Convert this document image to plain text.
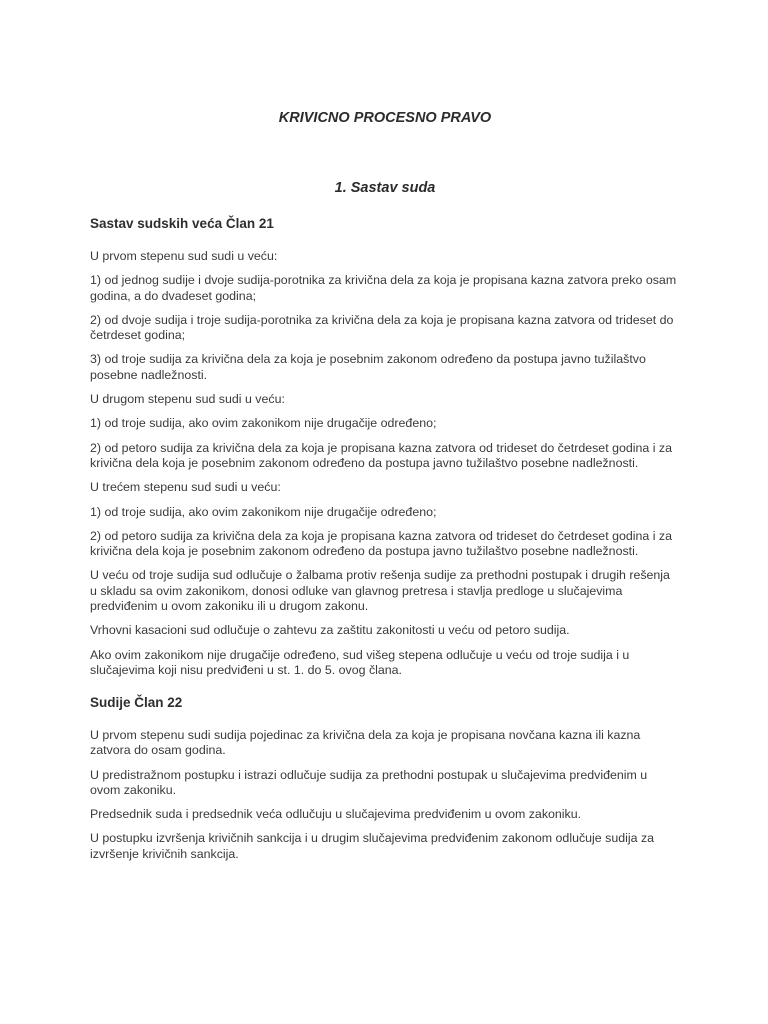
KRIVICNO PROCESNO PRAVO
1. Sastav suda
Sastav sudskih veća Član 21

U prvom stepenu sud sudi u veću:

1) od jednog sudije i dvoje sudija-porotnika za krivična dela za koja je propisana kazna zatvora preko osam godina, a do dvadeset godina;

2) od dvoje sudija i troje sudija-porotnika za krivična dela za koja je propisana kazna zatvora od trideset do četrdeset godina;

3) od troje sudija za krivična dela za koja je posebnim zakonom određeno da postupa javno tužilaštvo posebne nadležnosti.

U drugom stepenu sud sudi u veću:

1) od troje sudija, ako ovim zakonikom nije drugačije određeno;

2) od petoro sudija za krivična dela za koja je propisana kazna zatvora od trideset do četrdeset godina i za krivična dela koja je posebnim zakonom određeno da postupa javno tužilaštvo posebne nadležnosti.

U trećem stepenu sud sudi u veću:

1) od troje sudija, ako ovim zakonikom nije drugačije određeno;

2) od petoro sudija za krivična dela za koja je propisana kazna zatvora od trideset do četrdeset godina i za krivična dela koja je posebnim zakonom određeno da postupa javno tužilaštvo posebne nadležnosti.

U veću od troje sudija sud odlučuje o žalbama protiv rešenja sudije za prethodni postupak i drugih rešenja u skladu sa ovim zakonikom, donosi odluke van glavnog pretresa i stavlja predloge u slučajevima predviđenim u ovom zakoniku ili u drugom zakonu.

Vrhovni kasacioni sud odlučuje o zahtevu za zaštitu zakonitosti u veću od petoro sudija.

Ako ovim zakonikom nije drugačije određeno, sud višeg stepena odlučuje u veću od troje sudija i u slučajevima koji nisu predviđeni u st. 1. do 5. ovog člana.

Sudije Član 22

U prvom stepenu sudi sudija pojedinac za krivična dela za koja je propisana novčana kazna ili kazna zatvora do osam godina.

U predistražnom postupku i istrazi odlučuje sudija za prethodni postupak u slučajevima predviđenim u ovom zakoniku.

Predsednik suda i predsednik veća odlučuju u slučajevima predviđenim u ovom zakoniku.

U postupku izvršenja krivičnih sankcija i u drugim slučajevima predviđenim zakonom odlučuje sudija za izvršenje krivičnih sankcija.
